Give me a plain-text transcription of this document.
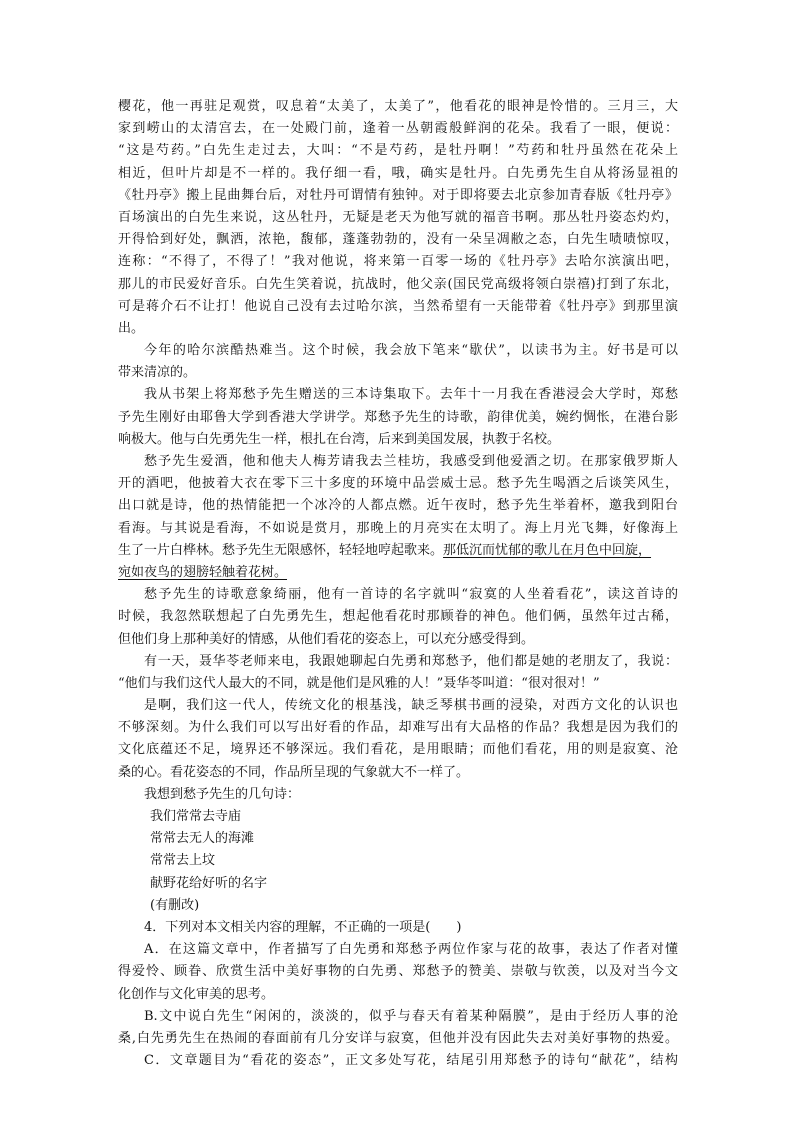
樱花，他一再驻足观赏，叹息着“太美了，太美了”，他看花的眼神是怜惜的。三月三，大
家到崂山的太清宫去，在一处殿门前，逢着一丛朝霞般鲜润的花朵。我看了一眼，便说：
“这是芍药。”白先生走过去，大叫：“不是芍药，是牡丹啊！”芍药和牡丹虽然在花朵上
相近，但叶片却是不一样的。我仔细一看，哦，确实是牡丹。白先勇先生自从将汤显祖的
《牡丹亭》搬上昆曲舞台后，对牡丹可谓情有独钟。对于即将要去北京参加青春版《牡丹亭》
百场演出的白先生来说，这丛牡丹，无疑是老天为他写就的福音书啊。那丛牡丹姿态灼灼，
开得恰到好处，飘洒，浓艳，馥郁，蓬蓬勃勃的，没有一朵呈凋敝之态，白先生啧啧惊叹，
连称：“不得了，不得了！”我对他说，将来第一百零一场的《牡丹亭》去哈尔滨演出吧，
那儿的市民爱好音乐。白先生笑着说，抗战时，他父亲(国民党高级将领白崇禧)打到了东北，
可是蒋介石不让打！他说自己没有去过哈尔滨，当然希望有一天能带着《牡丹亭》到那里演
出。
今年的哈尔滨酷热难当。这个时候，我会放下笔来“歇伏”，以读书为主。好书是可以
带来清凉的。
我从书架上将郑愁予先生赠送的三本诗集取下。去年十一月我在香港浸会大学时，郑愁
予先生刚好由耶鲁大学到香港大学讲学。郑愁予先生的诗歌，韵律优美，婉约惆怅，在港台影
响极大。他与白先勇先生一样，根扎在台湾，后来到美国发展，执教于名校。
愁予先生爱酒，他和他夫人梅芳请我去兰桂坊，我感受到他爱酒之切。在那家俄罗斯人
开的酒吧，他披着大衣在零下三十多度的环境中品尝威士忌。愁予先生喝酒之后谈笑风生，
出口就是诗，他的热情能把一个冰冷的人都点燃。近午夜时，愁予先生举着杯，邀我到阳台
看海。与其说是看海，不如说是赏月，那晚上的月亮实在太明了。海上月光飞舞，好像海上
生了一片白桦林。愁予先生无限感怀，轻轻地哼起歌来。那低沉而忧郁的歌儿在月色中回旋，
宛如夜鸟的翅膀轻触着花树。
愁予先生的诗歌意象绮丽，他有一首诗的名字就叫“寂寞的人坐着看花”，读这首诗的
时候，我忽然联想起了白先勇先生，想起他看花时那顾眷的神色。他们俩，虽然年过古稀，
但他们身上那种美好的情感，从他们看花的姿态上，可以充分感受得到。
有一天，聂华苓老师来电，我跟她聊起白先勇和郑愁予，他们都是她的老朋友了，我说：
“他们与我们这代人最大的不同，就是他们是风雅的人！”聂华苓叫道：“很对很对！”
是啊，我们这一代人，传统文化的根基浅，缺乏琴棋书画的浸染，对西方文化的认识也
不够深刻。为什么我们可以写出好看的作品，却难写出有大品格的作品？我想是因为我们的
文化底蕴还不足，境界还不够深远。我们看花，是用眼睛；而他们看花，用的则是寂寞、沧
桑的心。看花姿态的不同，作品所呈现的气象就大不一样了。
我想到愁予先生的几句诗：
我们常常去寺庙
常常去无人的海滩
常常去上坟
献野花给好听的名字
(有删改)
4．下列对本文相关内容的理解，不正确的一项是(　　)
A．在这篇文章中，作者描写了白先勇和郑愁予两位作家与花的故事，表达了作者对懂
得爱怜、顾眷、欣赏生活中美好事物的白先勇、郑愁予的赞美、崇敬与钦羡，以及对当今文
化创作与文化审美的思考。
B.文中说白先生“闲闲的，淡淡的，似乎与春天有着某种隔膜”，是由于经历人事的沧
桑,白先勇先生在热闹的春面前有几分安详与寂寞，但他并没有因此失去对美好事物的热爱。
C．文章题目为“看花的姿态”，正文多处写花，结尾引用郑愁予的诗句“献花”，结构
